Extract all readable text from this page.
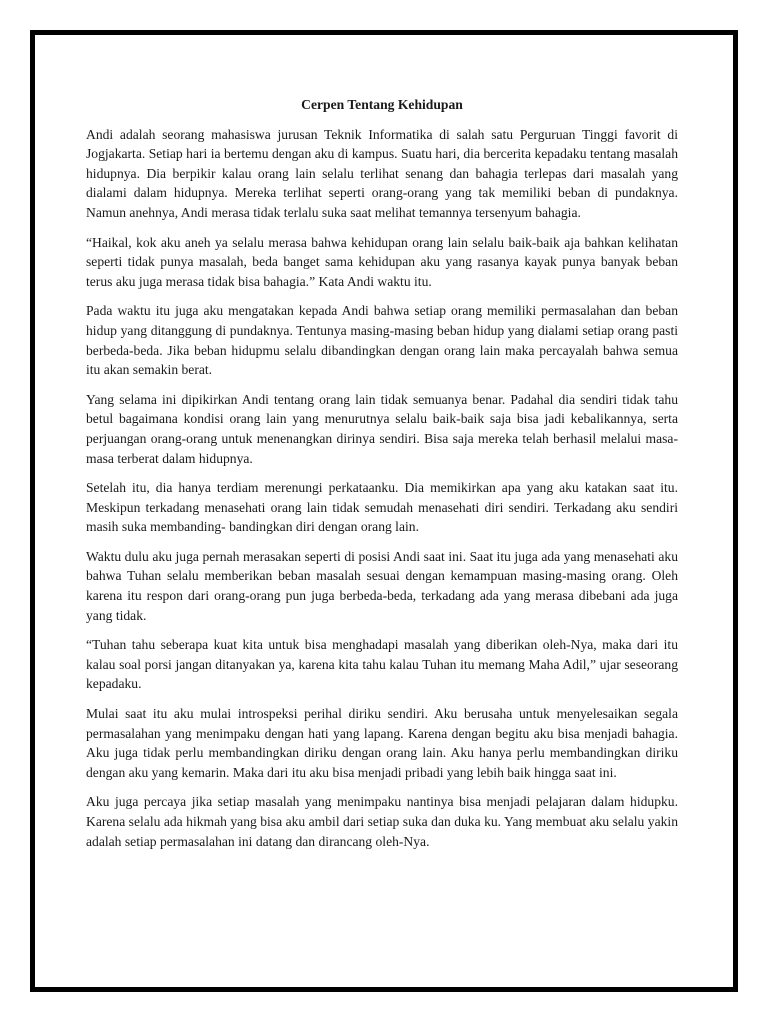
Cerpen Tentang Kehidupan

Andi adalah seorang mahasiswa jurusan Teknik Informatika di salah satu Perguruan Tinggi favorit di Jogjakarta. Setiap hari ia bertemu dengan aku di kampus. Suatu hari, dia bercerita kepadaku tentang masalah hidupnya. Dia berpikir kalau orang lain selalu terlihat senang dan bahagia terlepas dari masalah yang dialami dalam hidupnya. Mereka terlihat seperti orang-orang yang tak memiliki beban di pundaknya. Namun anehnya, Andi merasa tidak terlalu suka saat melihat temannya tersenyum bahagia.

“Haikal, kok aku aneh ya selalu merasa bahwa kehidupan orang lain selalu baik-baik aja bahkan kelihatan seperti tidak punya masalah, beda banget sama kehidupan aku yang rasanya kayak punya banyak beban terus aku juga merasa tidak bisa bahagia.” Kata Andi waktu itu.

Pada waktu itu juga aku mengatakan kepada Andi bahwa setiap orang memiliki permasalahan dan beban hidup yang ditanggung di pundaknya. Tentunya masing-masing beban hidup yang dialami setiap orang pasti berbeda-beda. Jika beban hidupmu selalu dibandingkan dengan orang lain maka percayalah bahwa semua itu akan semakin berat.

Yang selama ini dipikirkan Andi tentang orang lain tidak semuanya benar. Padahal dia sendiri tidak tahu betul bagaimana kondisi orang lain yang menurutnya selalu baik-baik saja bisa jadi kebalikannya, serta perjuangan orang-orang untuk menenangkan dirinya sendiri. Bisa saja mereka telah berhasil melalui masa-masa terberat dalam hidupnya.

Setelah itu, dia hanya terdiam merenungi perkataanku. Dia memikirkan apa yang aku katakan saat itu. Meskipun terkadang menasehati orang lain tidak semudah menasehati diri sendiri. Terkadang aku sendiri masih suka membanding- bandingkan diri dengan orang lain.

Waktu dulu aku juga pernah merasakan seperti di posisi Andi saat ini. Saat itu juga ada yang menasehati aku bahwa Tuhan selalu memberikan beban masalah sesuai dengan kemampuan masing-masing orang. Oleh karena itu respon dari orang-orang pun juga berbeda-beda, terkadang ada yang merasa dibebani ada juga yang tidak.

“Tuhan tahu seberapa kuat kita untuk bisa menghadapi masalah yang diberikan oleh-Nya, maka dari itu kalau soal porsi jangan ditanyakan ya, karena kita tahu kalau Tuhan itu memang Maha Adil,” ujar seseorang kepadaku.

Mulai saat itu aku mulai introspeksi perihal diriku sendiri. Aku berusaha untuk menyelesaikan segala permasalahan yang menimpaku dengan hati yang lapang. Karena dengan begitu aku bisa menjadi bahagia. Aku juga tidak perlu membandingkan diriku dengan orang lain. Aku hanya perlu membandingkan diriku dengan aku yang kemarin. Maka dari itu aku bisa menjadi pribadi yang lebih baik hingga saat ini.

Aku juga percaya jika setiap masalah yang menimpaku nantinya bisa menjadi pelajaran dalam hidupku. Karena selalu ada hikmah yang bisa aku ambil dari setiap suka dan duka ku. Yang membuat aku selalu yakin adalah setiap permasalahan ini datang dan dirancang oleh-Nya.
